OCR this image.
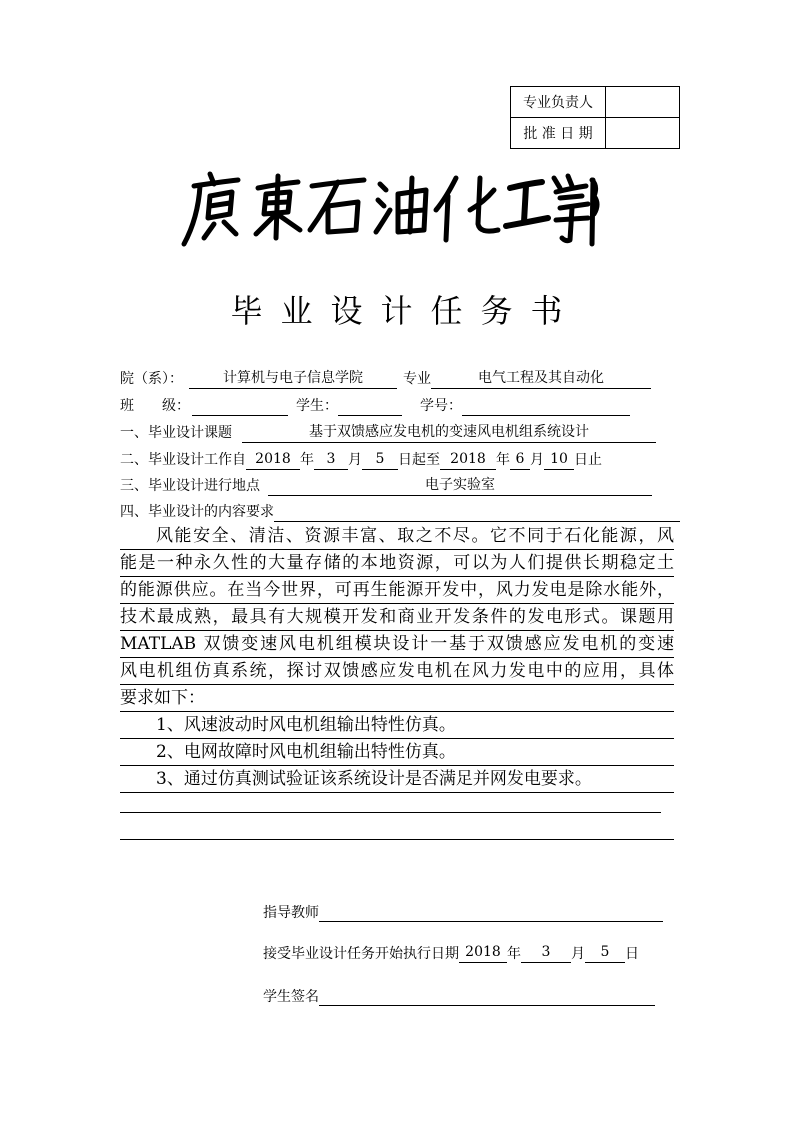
专业负责人	
批 准 日 期	
毕业设计任务书
院（系）：	计算机与电子信息学院	专业	电气工程及其自动化
班　　级：	学生：	学号：
一、毕业设计课题	基于双馈感应发电机的变速风电机组系统设计
二、毕业设计工作自 2018 年 3 月 5 日起至 2018 年 6 月 10 日止
三、毕业设计进行地点	电子实验室
四、毕业设计的内容要求
风能安全、清洁、资源丰富、取之不尽。它不同于石化能源，风
能是一种永久性的大量存储的本地资源，可以为人们提供长期稳定土
的能源供应。在当今世界，可再生能源开发中，风力发电是除水能外，
技术最成熟，最具有大规模开发和商业开发条件的发电形式。课题用
MATLAB 双馈变速风电机组模块设计一基于双馈感应发电机的变速
风电机组仿真系统，探讨双馈感应发电机在风力发电中的应用，具体
要求如下：
1、风速波动时风电机组输出特性仿真。
2、电网故障时风电机组输出特性仿真。
3、通过仿真测试验证该系统设计是否满足并网发电要求。
指导教师
接受毕业设计任务开始执行日期 2018 年 3 月 5 日
学生签名
